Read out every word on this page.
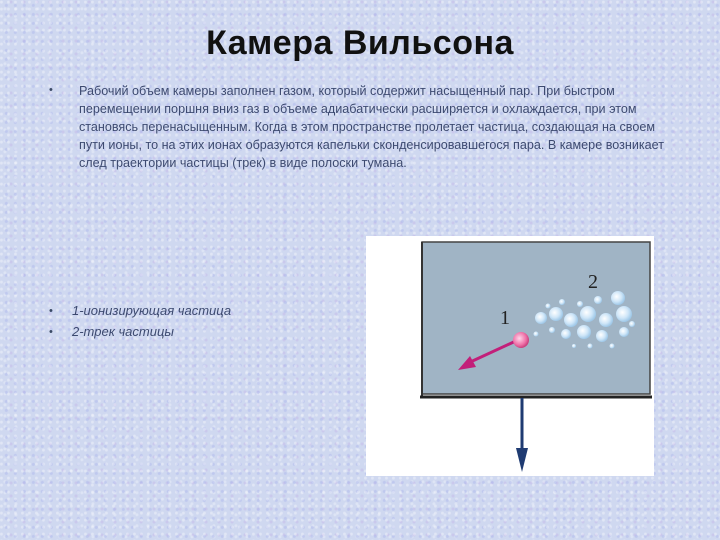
Камера Вильсона
• Рабочий объем камеры заполнен газом, который содержит насыщенный пар. При быстром перемещении поршня вниз газ в объеме адиабатически расширяется и охлаждается, при этом становясь перенасыщенным. Когда в этом пространстве пролетает частица, создающая на своем пути ионы, то на этих ионах образуются капельки сконденсировавшегося пара. В камере возникает след траектории частицы (трек) в виде полоски тумана.
• 1-ионизирующая частица
• 2-трек частицы
1
2
